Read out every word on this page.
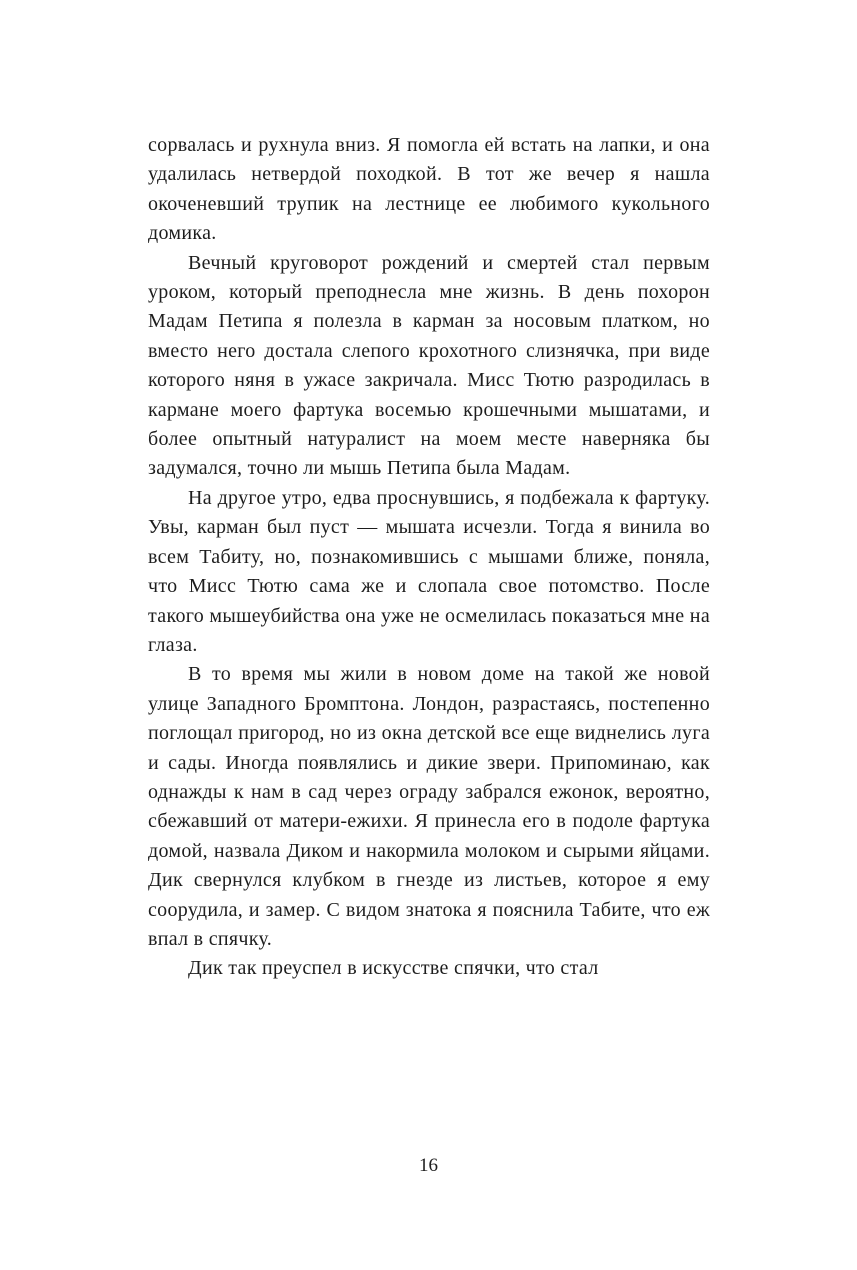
сорвалась и рухнула вниз. Я помогла ей встать на лапки, и она удалилась нетвердой походкой. В тот же вечер я нашла окоченевший трупик на лестнице ее любимого кукольного домика.

Вечный круговорот рождений и смертей стал первым уроком, который преподнесла мне жизнь. В день похорон Мадам Петипа я полезла в карман за носовым платком, но вместо него достала слепого крохотного слизнячка, при виде которого няня в ужасе закричала. Мисс Тютю разродилась в кармане моего фартука восемью крошечными мышатами, и более опытный натуралист на моем месте наверняка бы задумался, точно ли мышь Петипа была Мадам.

На другое утро, едва проснувшись, я подбежала к фартуку. Увы, карман был пуст — мышата исчезли. Тогда я винила во всем Табиту, но, познакомившись с мышами ближе, поняла, что Мисс Тютю сама же и слопала свое потомство. После такого мышеубийства она уже не осмелилась показаться мне на глаза.

В то время мы жили в новом доме на такой же новой улице Западного Бромптона. Лондон, разрастаясь, постепенно поглощал пригород, но из окна детской все еще виднелись луга и сады. Иногда появлялись и дикие звери. Припоминаю, как однажды к нам в сад через ограду забрался ежонок, вероятно, сбежавший от матери-ежихи. Я принесла его в подоле фартука домой, назвала Диком и накормила молоком и сырыми яйцами. Дик свернулся клубком в гнезде из листьев, которое я ему соорудила, и замер. С видом знатока я пояснила Табите, что еж впал в спячку.

Дик так преуспел в искусстве спячки, что стал

16
